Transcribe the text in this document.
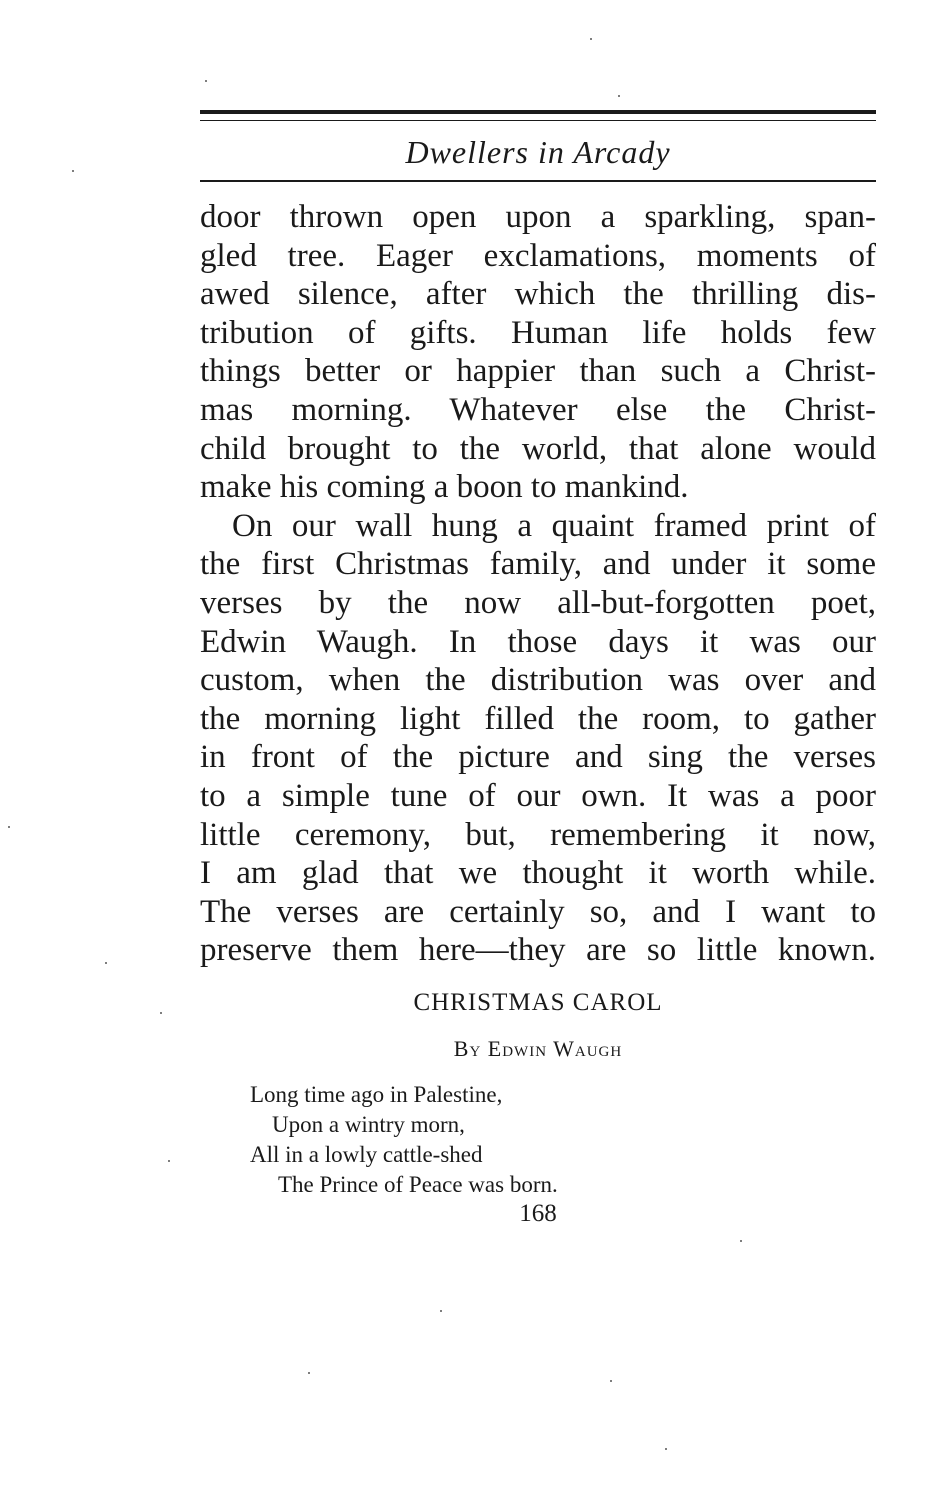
Dwellers in Arcady

door thrown open upon a sparkling, span-
gled tree. Eager exclamations, moments of
awed silence, after which the thrilling dis-
tribution of gifts. Human life holds few
things better or happier than such a Christ-
mas morning. Whatever else the Christ-
child brought to the world, that alone would
make his coming a boon to mankind.

On our wall hung a quaint framed print of
the first Christmas family, and under it some
verses by the now all-but-forgotten poet,
Edwin Waugh. In those days it was our
custom, when the distribution was over and
the morning light filled the room, to gather
in front of the picture and sing the verses
to a simple tune of our own. It was a poor
little ceremony, but, remembering it now,
I am glad that we thought it worth while.
The verses are certainly so, and I want to
preserve them here—they are so little known.

CHRISTMAS CAROL
By Edwin Waugh
Long time ago in Palestine,
Upon a wintry morn,
All in a lowly cattle-shed
The Prince of Peace was born.
168
